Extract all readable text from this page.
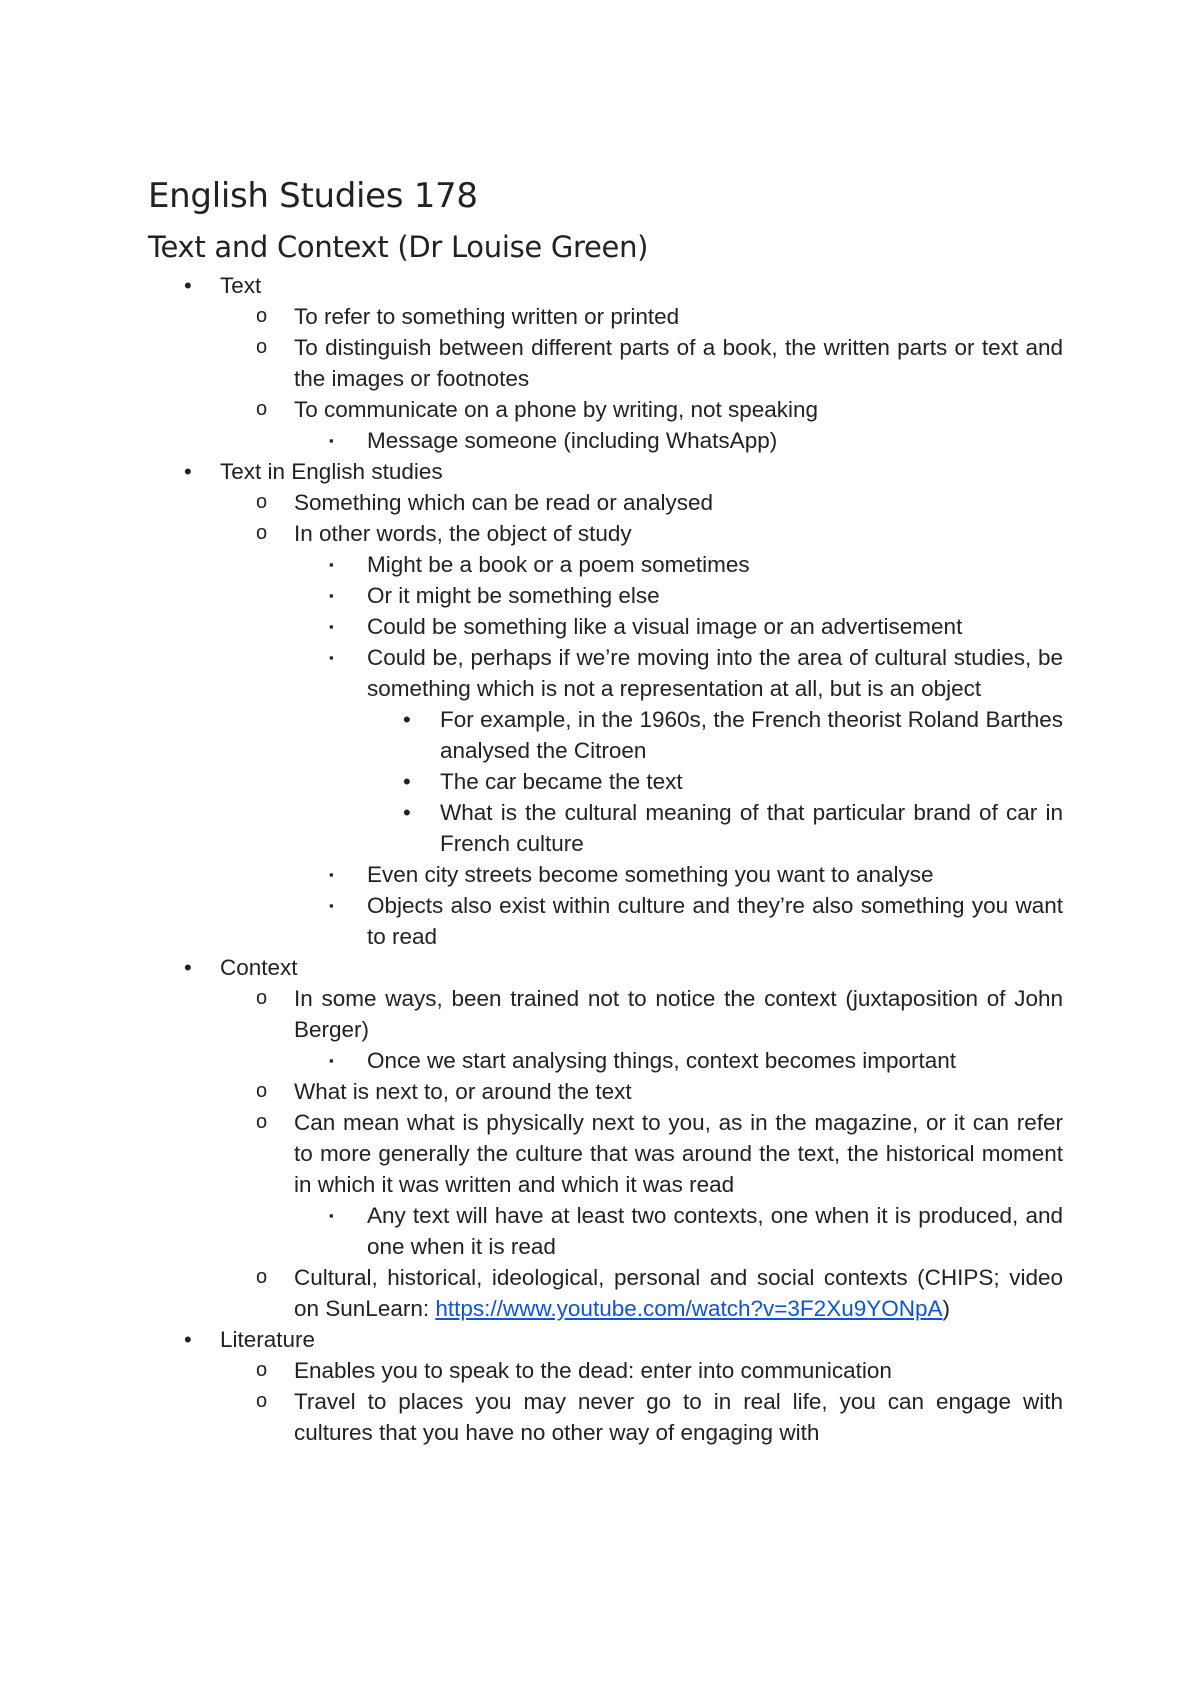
English Studies 178
Text and Context (Dr Louise Green)
• Text
o To refer to something written or printed
o To distinguish between different parts of a book, the written parts or text and the images or footnotes
o To communicate on a phone by writing, not speaking
▪ Message someone (including WhatsApp)
• Text in English studies
o Something which can be read or analysed
o In other words, the object of study
▪ Might be a book or a poem sometimes
▪ Or it might be something else
▪ Could be something like a visual image or an advertisement
▪ Could be, perhaps if we’re moving into the area of cultural studies, be something which is not a representation at all, but is an object
• For example, in the 1960s, the French theorist Roland Barthes analysed the Citroen
• The car became the text
• What is the cultural meaning of that particular brand of car in French culture
▪ Even city streets become something you want to analyse
▪ Objects also exist within culture and they’re also something you want to read
• Context
o In some ways, been trained not to notice the context (juxtaposition of John Berger)
▪ Once we start analysing things, context becomes important
o What is next to, or around the text
o Can mean what is physically next to you, as in the magazine, or it can refer to more generally the culture that was around the text, the historical moment in which it was written and which it was read
▪ Any text will have at least two contexts, one when it is produced, and one when it is read
o Cultural, historical, ideological, personal and social contexts (CHIPS; video on SunLearn: https://www.youtube.com/watch?v=3F2Xu9YONpA)
• Literature
o Enables you to speak to the dead: enter into communication
o Travel to places you may never go to in real life, you can engage with cultures that you have no other way of engaging with
